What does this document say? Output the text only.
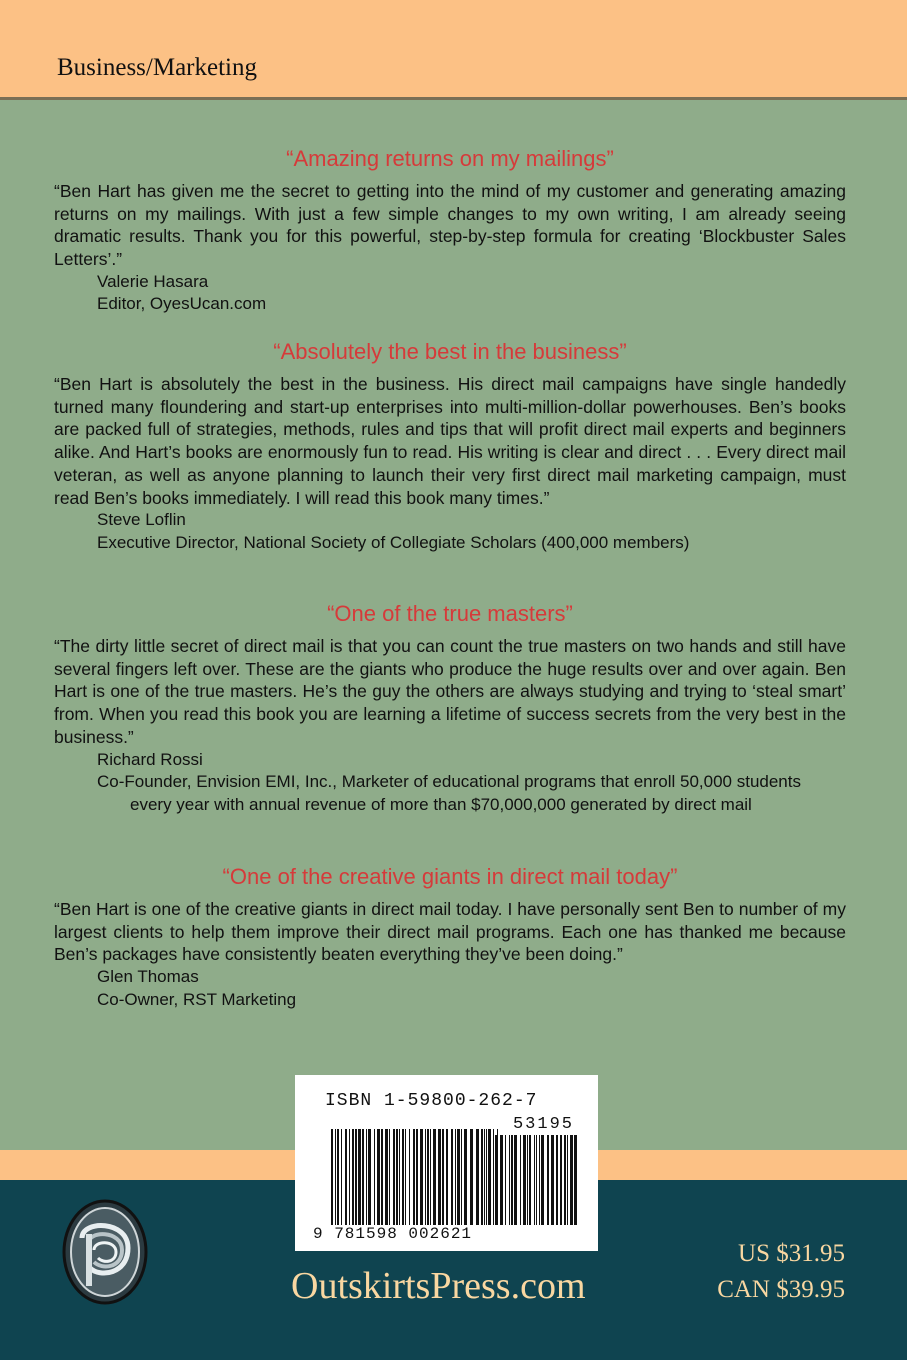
Business/Marketing
“Amazing returns on my mailings”

“Ben Hart has given me the secret to getting into the mind of my customer and generating amazing returns on my mailings. With just a few simple changes to my own writing, I am already seeing dramatic results. Thank you for this powerful, step-by-step formula for creating ‘Blockbuster Sales Letters’.”

Valerie Hasara
Editor, OyesUcan.com
“Absolutely the best in the business”

“Ben Hart is absolutely the best in the business. His direct mail campaigns have single handedly turned many floundering and start-up enterprises into multi-million-dollar powerhouses. Ben’s books are packed full of strategies, methods, rules and tips that will profit direct mail experts and beginners alike. And Hart’s books are enormously fun to read. His writing is clear and direct . . . Every direct mail veteran, as well as anyone planning to launch their very first direct mail marketing campaign, must read Ben’s books immediately. I will read this book many times.”

Steve Loflin
Executive Director, National Society of Collegiate Scholars (400,000 members)
“One of the true masters”

“The dirty little secret of direct mail is that you can count the true masters on two hands and still have several fingers left over. These are the giants who produce the huge results over and over again. Ben Hart is one of the true masters. He’s the guy the others are always studying and trying to ‘steal smart’ from. When you read this book you are learning a lifetime of success secrets from the very best in the business.”

Richard Rossi
Co-Founder, Envision EMI, Inc., Marketer of educational programs that enroll 50,000 students every year with annual revenue of more than $70,000,000 generated by direct mail
“One of the creative giants in direct mail today”

“Ben Hart is one of the creative giants in direct mail today. I have personally sent Ben to number of my largest clients to help them improve their direct mail programs. Each one has thanked me because Ben’s packages have consistently beaten everything they’ve been doing.”

Glen Thomas
Co-Owner, RST Marketing
ISBN 1-59800-262-7
53195
9 781598 002621
OutskirtsPress.com
US $31.95
CAN $39.95
